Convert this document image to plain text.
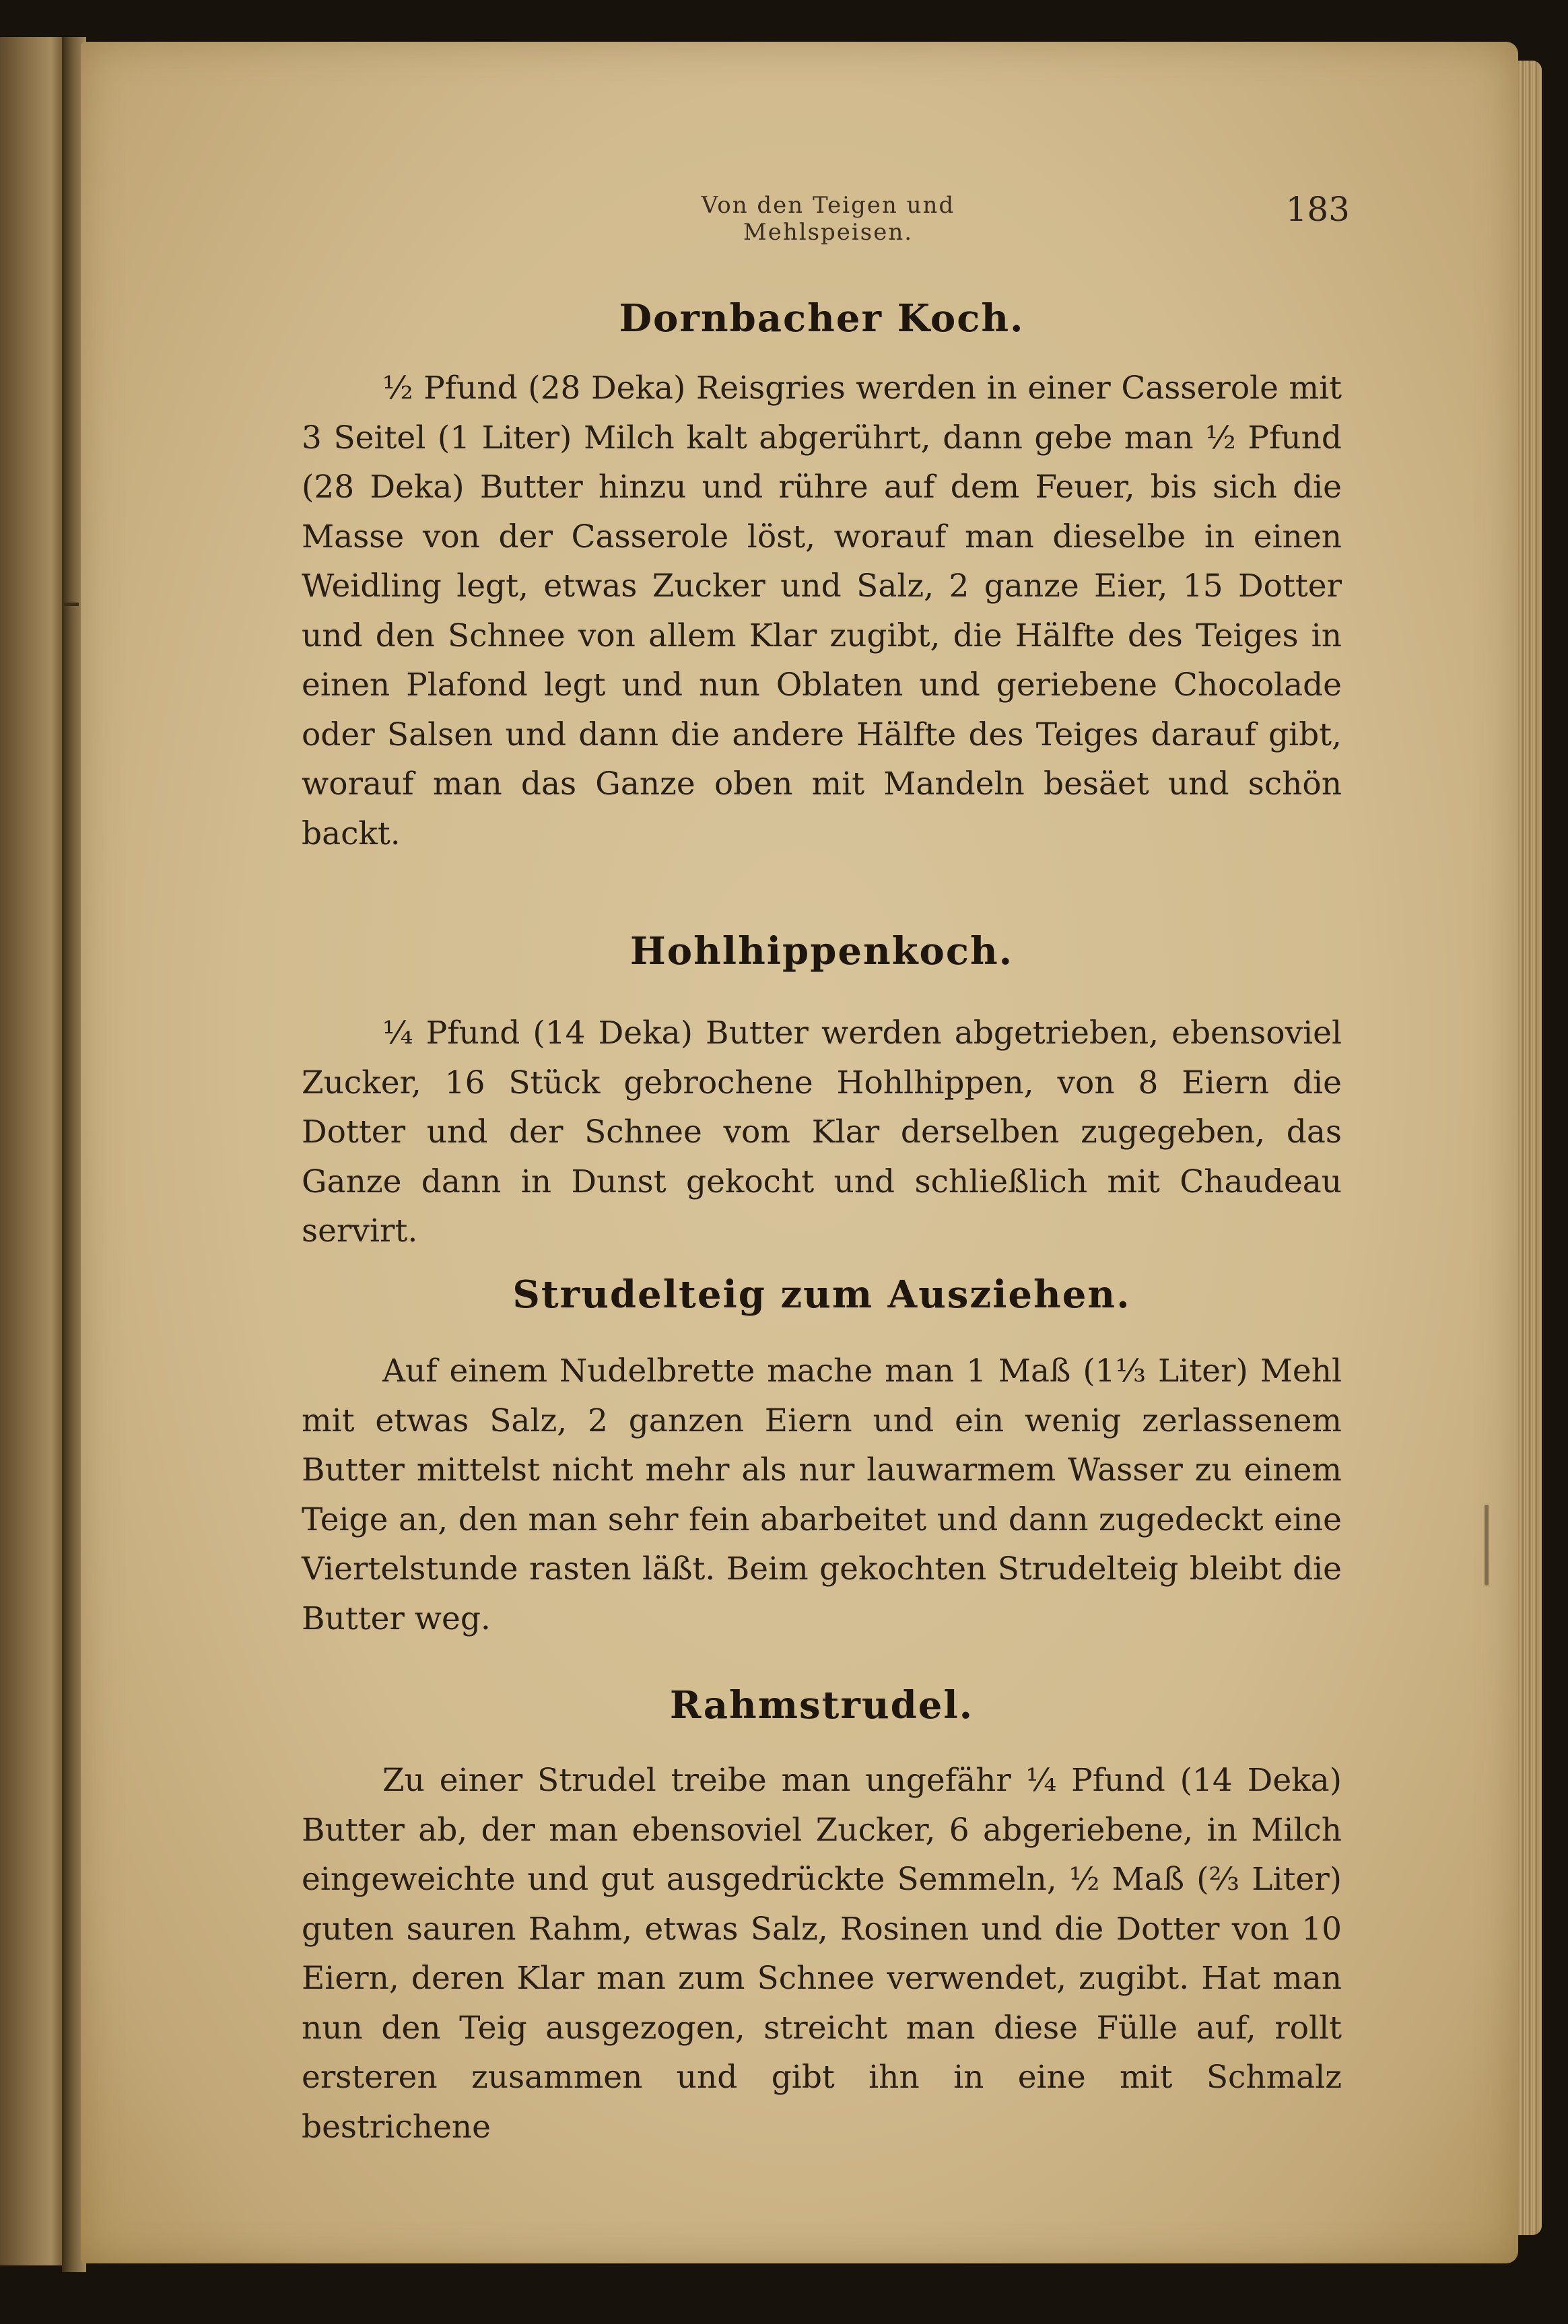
Von den Teigen und Mehlspeisen.
183
Dornbacher Koch.
½ Pfund (28 Deka) Reisgries werden in einer Casserole mit 3 Seitel (1 Liter) Milch kalt abgerührt, dann gebe man ½ Pfund (28 Deka) Butter hinzu und rühre auf dem Feuer, bis sich die Masse von der Casserole löst, worauf man dieselbe in einen Weidling legt, etwas Zucker und Salz, 2 ganze Eier, 15 Dotter und den Schnee von allem Klar zugibt, die Hälfte des Teiges in einen Plafond legt und nun Oblaten und geriebene Chocolade oder Salsen und dann die andere Hälfte des Teiges darauf gibt, worauf man das Ganze oben mit Mandeln besäet und schön backt.
Hohlhippenkoch.
¼ Pfund (14 Deka) Butter werden abgetrieben, ebensoviel Zucker, 16 Stück gebrochene Hohlhippen, von 8 Eiern die Dotter und der Schnee vom Klar derselben zugegeben, das Ganze dann in Dunst gekocht und schließlich mit Chaudeau servirt.
Strudelteig zum Ausziehen.
Auf einem Nudelbrette mache man 1 Maß (1⅓ Liter) Mehl mit etwas Salz, 2 ganzen Eiern und ein wenig zerlassenem Butter mittelst nicht mehr als nur lauwarmem Wasser zu einem Teige an, den man sehr fein abarbeitet und dann zugedeckt eine Viertelstunde rasten läßt. Beim gekochten Strudelteig bleibt die Butter weg.
Rahmstrudel.
Zu einer Strudel treibe man ungefähr ¼ Pfund (14 Deka) Butter ab, der man ebensoviel Zucker, 6 abgeriebene, in Milch eingeweichte und gut ausgedrückte Semmeln, ½ Maß (⅔ Liter) guten sauren Rahm, etwas Salz, Rosinen und die Dotter von 10 Eiern, deren Klar man zum Schnee verwendet, zugibt. Hat man nun den Teig ausgezogen, streicht man diese Fülle auf, rollt ersteren zusammen und gibt ihn in eine mit Schmalz bestrichene
